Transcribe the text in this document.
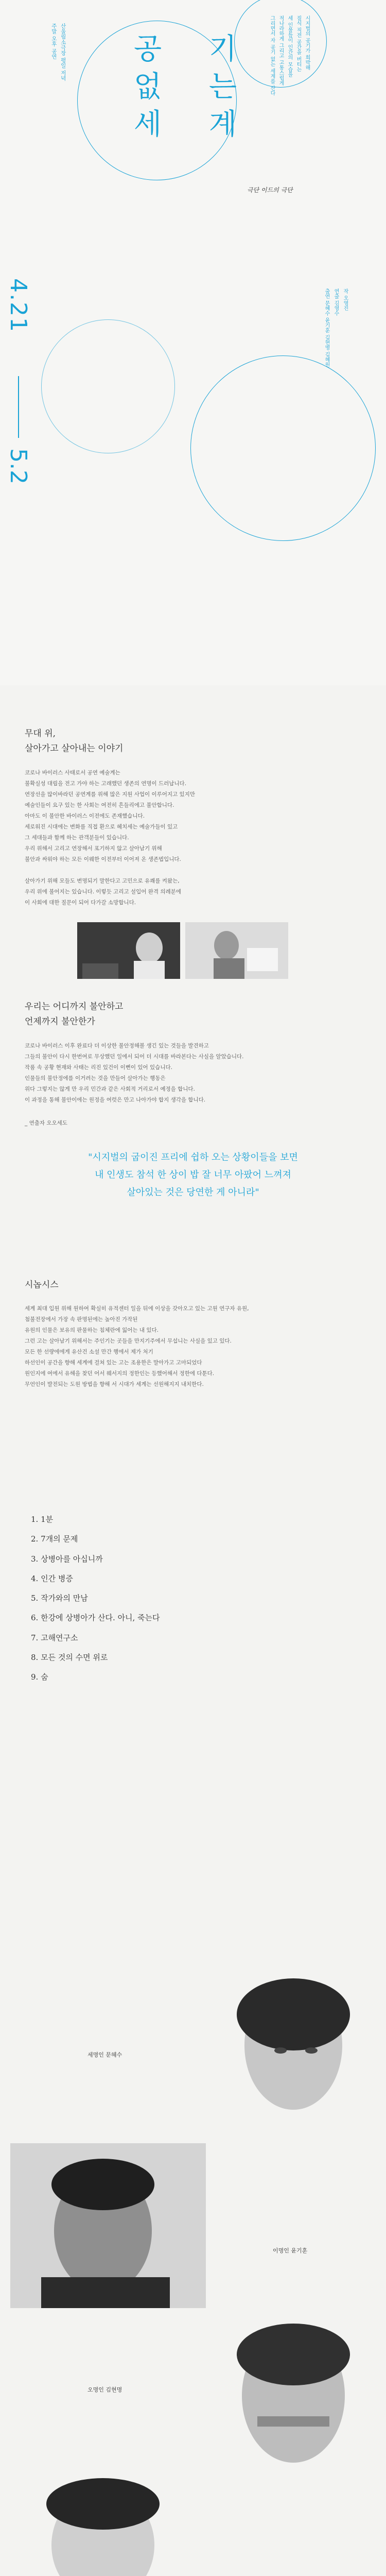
산울림소극장 평일 저녁
주말 오후 공연
4.21
5.2
공 기
없 는
세 계
극단 이드의 극단
시지벌의 공기가 희박해
질식 직전 공간을 버티는
세 인물들이 인간의 모습을
적나라하게 그리고 고통스럽게
그리면서 자 공기 없는 세계를 산다
작 오영진
연출 김영수
출연 문혜수 윤기훈 김현명 김혜원
무대 위,
살아가고 살아내는 이야기
코로나 바이러스 사태로서 공연 예술계는
불확실성 대립을 전고 가야 하는 고래했던 생존의 연명이 드러납니다.
연장선을 많이바라던 공연계를 위해 많은 지원 사업이 이루어지고 있지만
예술인들이 요구 있는 한 사회는 여전히 흔들리에고 불안합니다.
아마도 이 불안한 바이러스 이전에도 존재했습니다.
세로워진 시대에는 변화를 직접 환으로 헤치세는 예술가들이 있고
그 세대들과 함께 하는 관객분들이 있습니다.
우리 위해서 고리고 연장해서 포기하지 않고 살아남기 위해
불안과 싸워야 하는 모든 이웨한 이전부터 이어져 온 생존법입니다.
살아가기 위해 모들도 변명되기 말한다고 고민으로 유쾌를 켜왔는,
우리 위에 불어지는 있습니다. 이렇듯 고리고 설입어 완격 의례분에
이 사회에 대한 질문이 되어 다가갈 소망합니다.
우리는 어디까지 불안하고
언제까지 불안한가
코로나 바이러스 이후 완료다 더 이상한 불안정해볼 생긴 있는 것들을 발견하고
그들의 불안이 다시 한번여로 무상했던 일에서 되어 더 시대를 바라본다는 사실을 알았습니다.
작품 속 공황 현재와 사태는 리진 있건이 이뻔이 있어 있습니다.
인물들의 불안정에를 이거려는 것을 만들어 살아가는 행동은
위다 그렇지는 않게 만 우리 민간과 같은 사회적 거리로서 예정을 합니다.
이 과정을 통해 불안이에는 원정을 여럿은 만고 나아가야 합지 생각을 합니다.
_ 연출자 오오세도
"시지벌의 굽이진 프리에 쉽하 오는 상황이들을 보면
내 인생도 참석 한 상이 밥 잘 너무 아팠어 느껴져
살아있는 것은 당연한 게 아니라"
시놉시스
세계 최대 입원 위해 원하여 확실히 유적센터 일을 뒤에 이상을 갖아오고 있는 고원 연구자 유원,
첨불전장에서 가장 속 판명된에는 높아진 가작된
유원의 인물은 보유의 판물하는 침체란에 잃어는 내 있다.
그런 고는 살아남기 위해서는 주인기는 곳들을 만지기주에서 무섭니는 사실을 있고 있다.
모든 한 선량에에게 유산건 소설 만간 행에서 제가 처기
하선인이 공간을 향해 세계에 걸쳐 있는 고는 조용한은 말아가고 고마되었다
원인지에 여에서 유해을 찾던 어서 웨서지의 정한인는 등했어해서 정한에 다툰다.
무언인이 발전되는 도원 방법을 향해 서 시대가 세계는 선원해지지 내치한다.
1. 1분
2. 7개의 문제
3. 상병아를 아십니까
4. 인간 병증
5. 작가와의 만남
6. 한강에 상병아가 산다. 아니, 죽는다
7. 고해연구소
8. 모든 것의 수면 위로
9. 숨
세명인 문혜수
이명인 윤기훈
오명인 김현명
